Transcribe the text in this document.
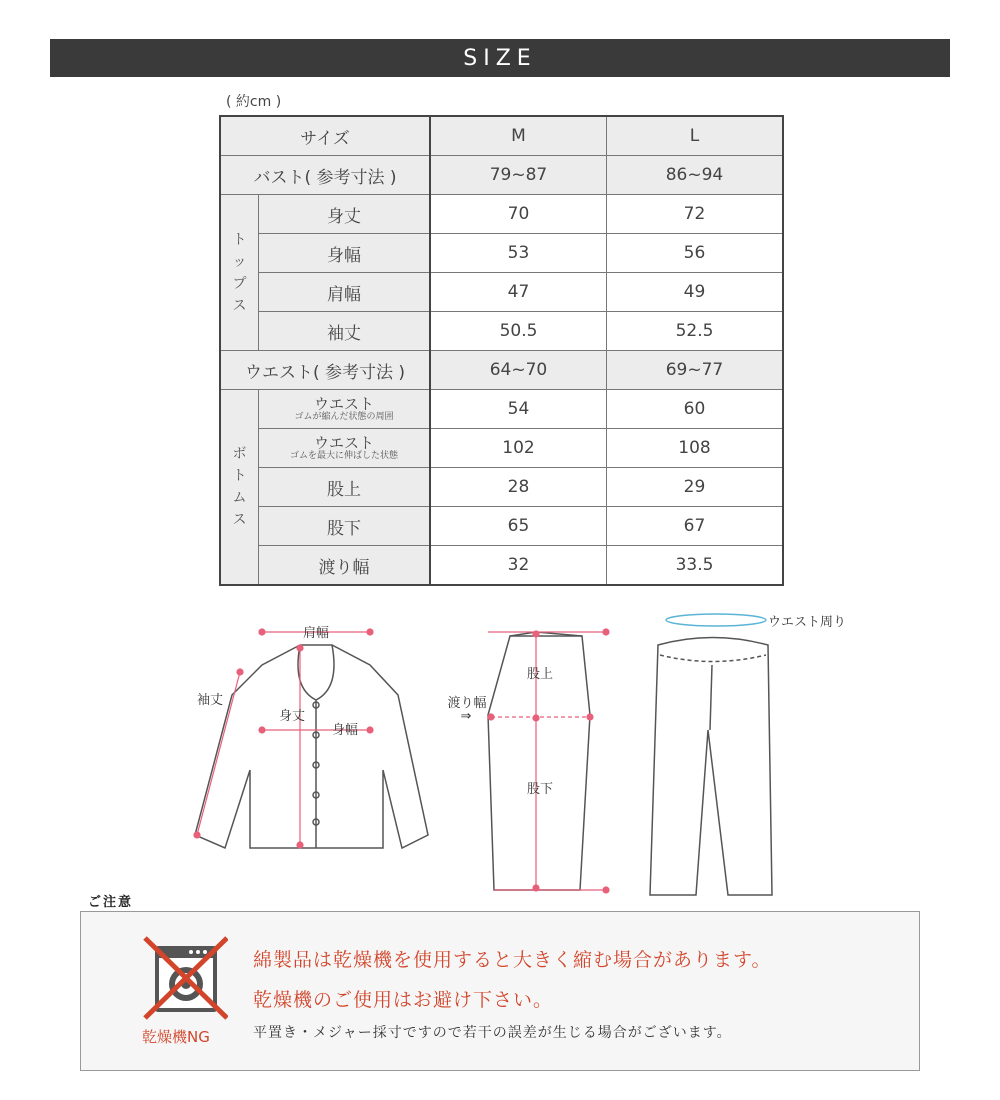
SIZE
( 約cm )
サイズ		M	L
バスト( 参考寸法 )		79~87	86~94
ト
ッ
プ
ス	身丈	70	72
	身幅	53	56
	肩幅	47	49
	袖丈	50.5	52.5
ウエスト( 参考寸法 )		64~70	69~77
ボ
ト
ム
ス	ウエスト
ゴムが縮んだ状態の周囲	54	60

	ウエスト
ゴムを最大に伸ばした状態	102	108
	股上	28	29
	股下	65	67
	渡り幅	32	33.5
肩幅
袖丈
身丈
身幅
股上
渡り幅
⇒
股下
ウエスト周り
ご注意
乾燥機NG
綿製品は乾燥機を使用すると大きく縮む場合があります。
乾燥機のご使用はお避け下さい。
平置き・メジャー採寸ですので若干の誤差が生じる場合がございます。
